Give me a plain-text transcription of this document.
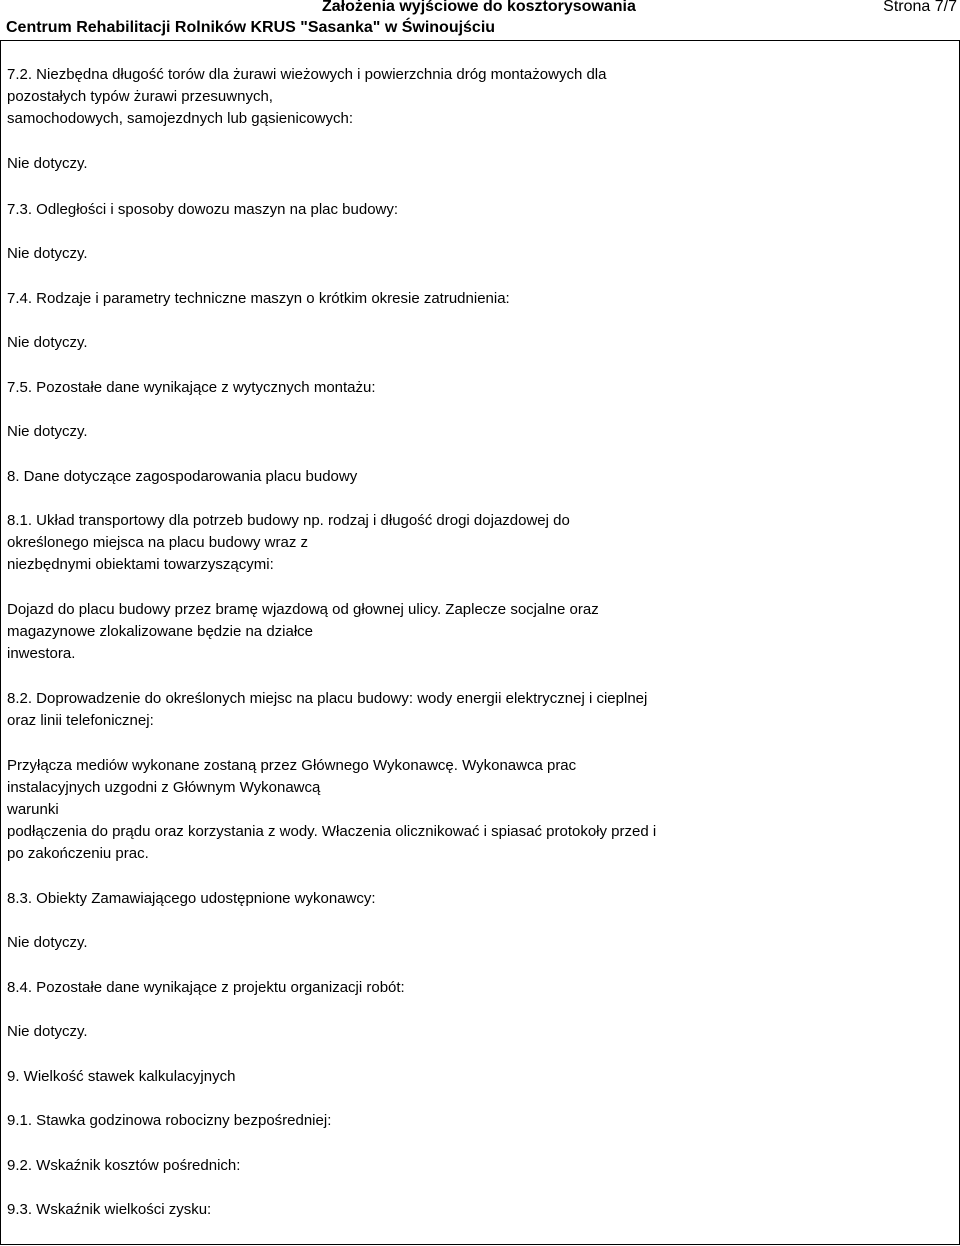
Założenia wyjściowe do kosztorysowania	Strona 7/7
Centrum Rehabilitacji Rolników KRUS "Sasanka" w Świnoujściu
7.2. Niezbędna długość torów dla żurawi wieżowych i powierzchnia dróg montażowych dla
pozostałych typów żurawi przesuwnych,
samochodowych, samojezdnych lub gąsienicowych:
Nie dotyczy.
7.3. Odległości i sposoby dowozu maszyn na plac budowy:
Nie dotyczy.
7.4. Rodzaje i parametry techniczne maszyn o krótkim okresie zatrudnienia:
Nie dotyczy.
7.5. Pozostałe dane wynikające z wytycznych montażu:
Nie dotyczy.
8. Dane dotyczące zagospodarowania placu budowy
8.1. Układ transportowy dla potrzeb budowy np. rodzaj i długość drogi dojazdowej do
określonego miejsca na placu budowy wraz z
niezbędnymi obiektami towarzyszącymi:
Dojazd do placu budowy przez bramę wjazdową od głownej ulicy. Zaplecze socjalne oraz
magazynowe zlokalizowane będzie na działce
inwestora.
8.2. Doprowadzenie do określonych miejsc na placu budowy: wody energii elektrycznej i cieplnej
oraz linii telefonicznej:
Przyłącza mediów wykonane zostaną przez Głównego Wykonawcę. Wykonawca prac
instalacyjnych uzgodni z Głównym Wykonawcą
warunki
podłączenia do prądu oraz korzystania z wody. Właczenia olicznikować i spiasać protokoły przed i
po zakończeniu prac.
8.3. Obiekty Zamawiającego udostępnione wykonawcy:
Nie dotyczy.
8.4. Pozostałe dane wynikające z projektu organizacji robót:
Nie dotyczy.
9. Wielkość stawek kalkulacyjnych
9.1. Stawka godzinowa robocizny bezpośredniej:
9.2. Wskaźnik kosztów pośrednich:
9.3. Wskaźnik wielkości zysku:
